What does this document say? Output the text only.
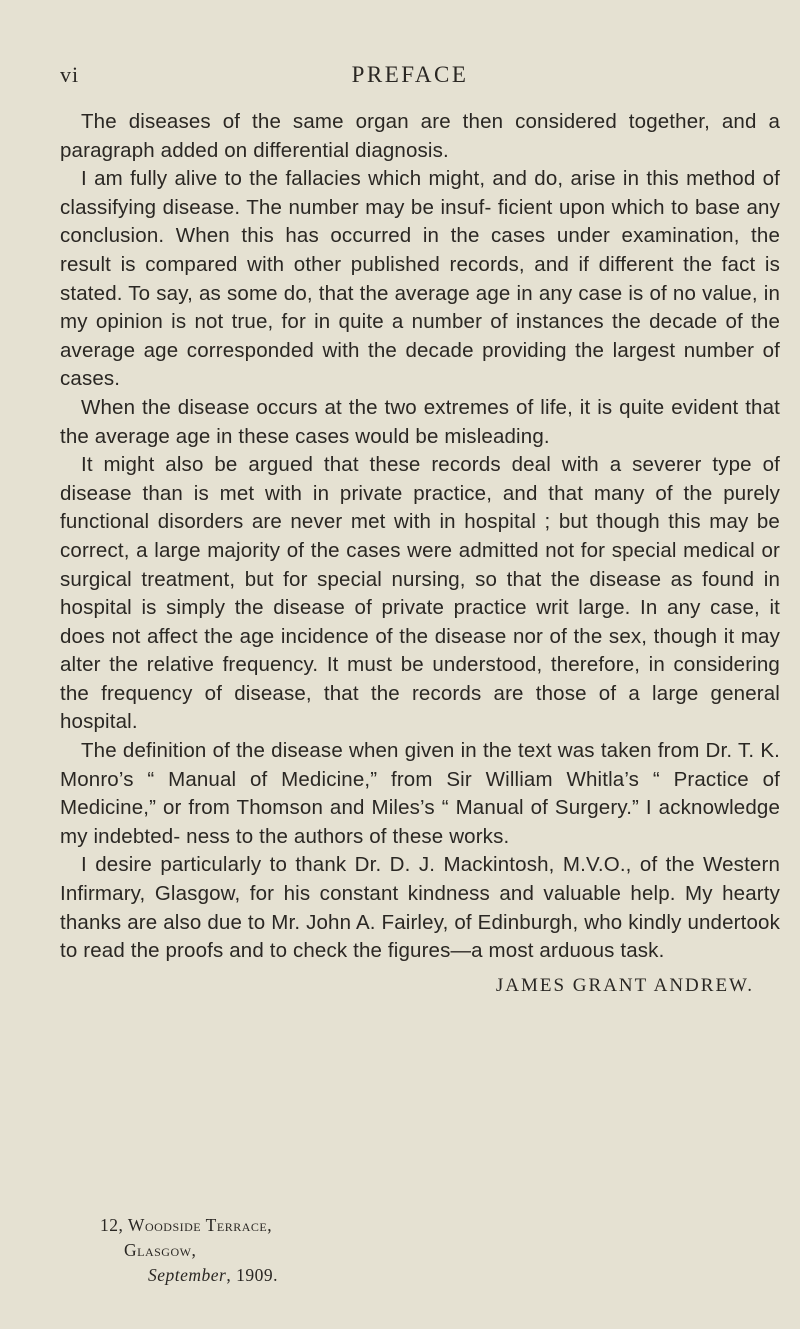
vi	PREFACE

The diseases of the same organ are then considered together, and a paragraph added on differential diagnosis.

I am fully alive to the fallacies which might, and do, arise in this method of classifying disease. The number may be insuf- ficient upon which to base any conclusion. When this has occurred in the cases under examination, the result is compared with other published records, and if different the fact is stated. To say, as some do, that the average age in any case is of no value, in my opinion is not true, for in quite a number of instances the decade of the average age corresponded with the decade providing the largest number of cases.

When the disease occurs at the two extremes of life, it is quite evident that the average age in these cases would be misleading.

It might also be argued that these records deal with a severer type of disease than is met with in private practice, and that many of the purely functional disorders are never met with in hospital ; but though this may be correct, a large majority of the cases were admitted not for special medical or surgical treatment, but for special nursing, so that the disease as found in hospital is simply the disease of private practice writ large. In any case, it does not affect the age incidence of the disease nor of the sex, though it may alter the relative frequency. It must be understood, therefore, in considering the frequency of disease, that the records are those of a large general hospital.

The definition of the disease when given in the text was taken from Dr. T. K. Monro’s “ Manual of Medicine,” from Sir William Whitla’s “ Practice of Medicine,” or from Thomson and Miles’s “ Manual of Surgery.” I acknowledge my indebted- ness to the authors of these works.

I desire particularly to thank Dr. D. J. Mackintosh, M.V.O., of the Western Infirmary, Glasgow, for his constant kindness and valuable help. My hearty thanks are also due to Mr. John A. Fairley, of Edinburgh, who kindly undertook to read the proofs and to check the figures—a most arduous task.

JAMES GRANT ANDREW.

12, Woodside Terrace,
Glasgow,
September, 1909.
